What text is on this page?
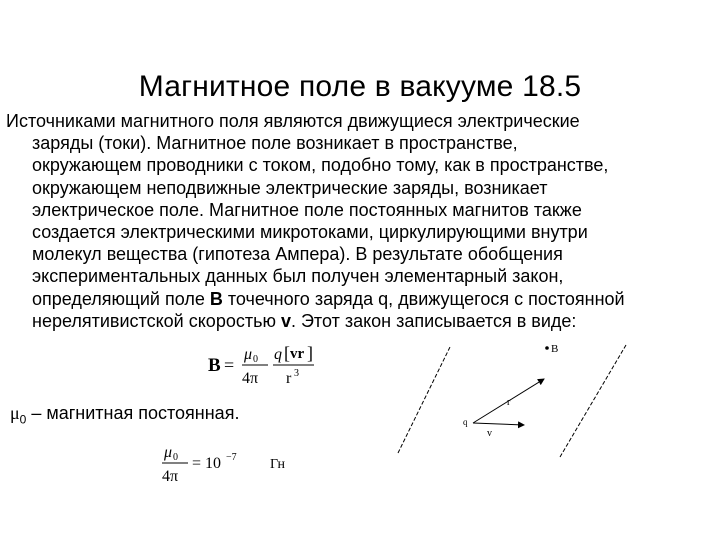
Магнитное поле в вакууме 18.5
Источниками магнитного поля являются движущиеся электрические
заряды (токи). Магнитное поле возникает в пространстве,
окружающем проводники с током, подобно тому, как в пространстве,
окружающем неподвижные электрические заряды, возникает
электрическое поле. Магнитное поле постоянных магнитов также
создается электрическими микротоками, циркулирующими внутри
молекул вещества (гипотеза Ампера). В результате обобщения
экспериментальных данных был получен элементарный закон,
определяющий поле B точечного заряда q, движущегося с постоянной
нерелятивистской скоростью v. Этот закон записывается в виде:
B =
μ 0
4π
q [ vr ]
r 3
$\mu_0$ – магнитная постоянная.
μ 0
4π
= 10 −7 Гн
B
r
v
q
